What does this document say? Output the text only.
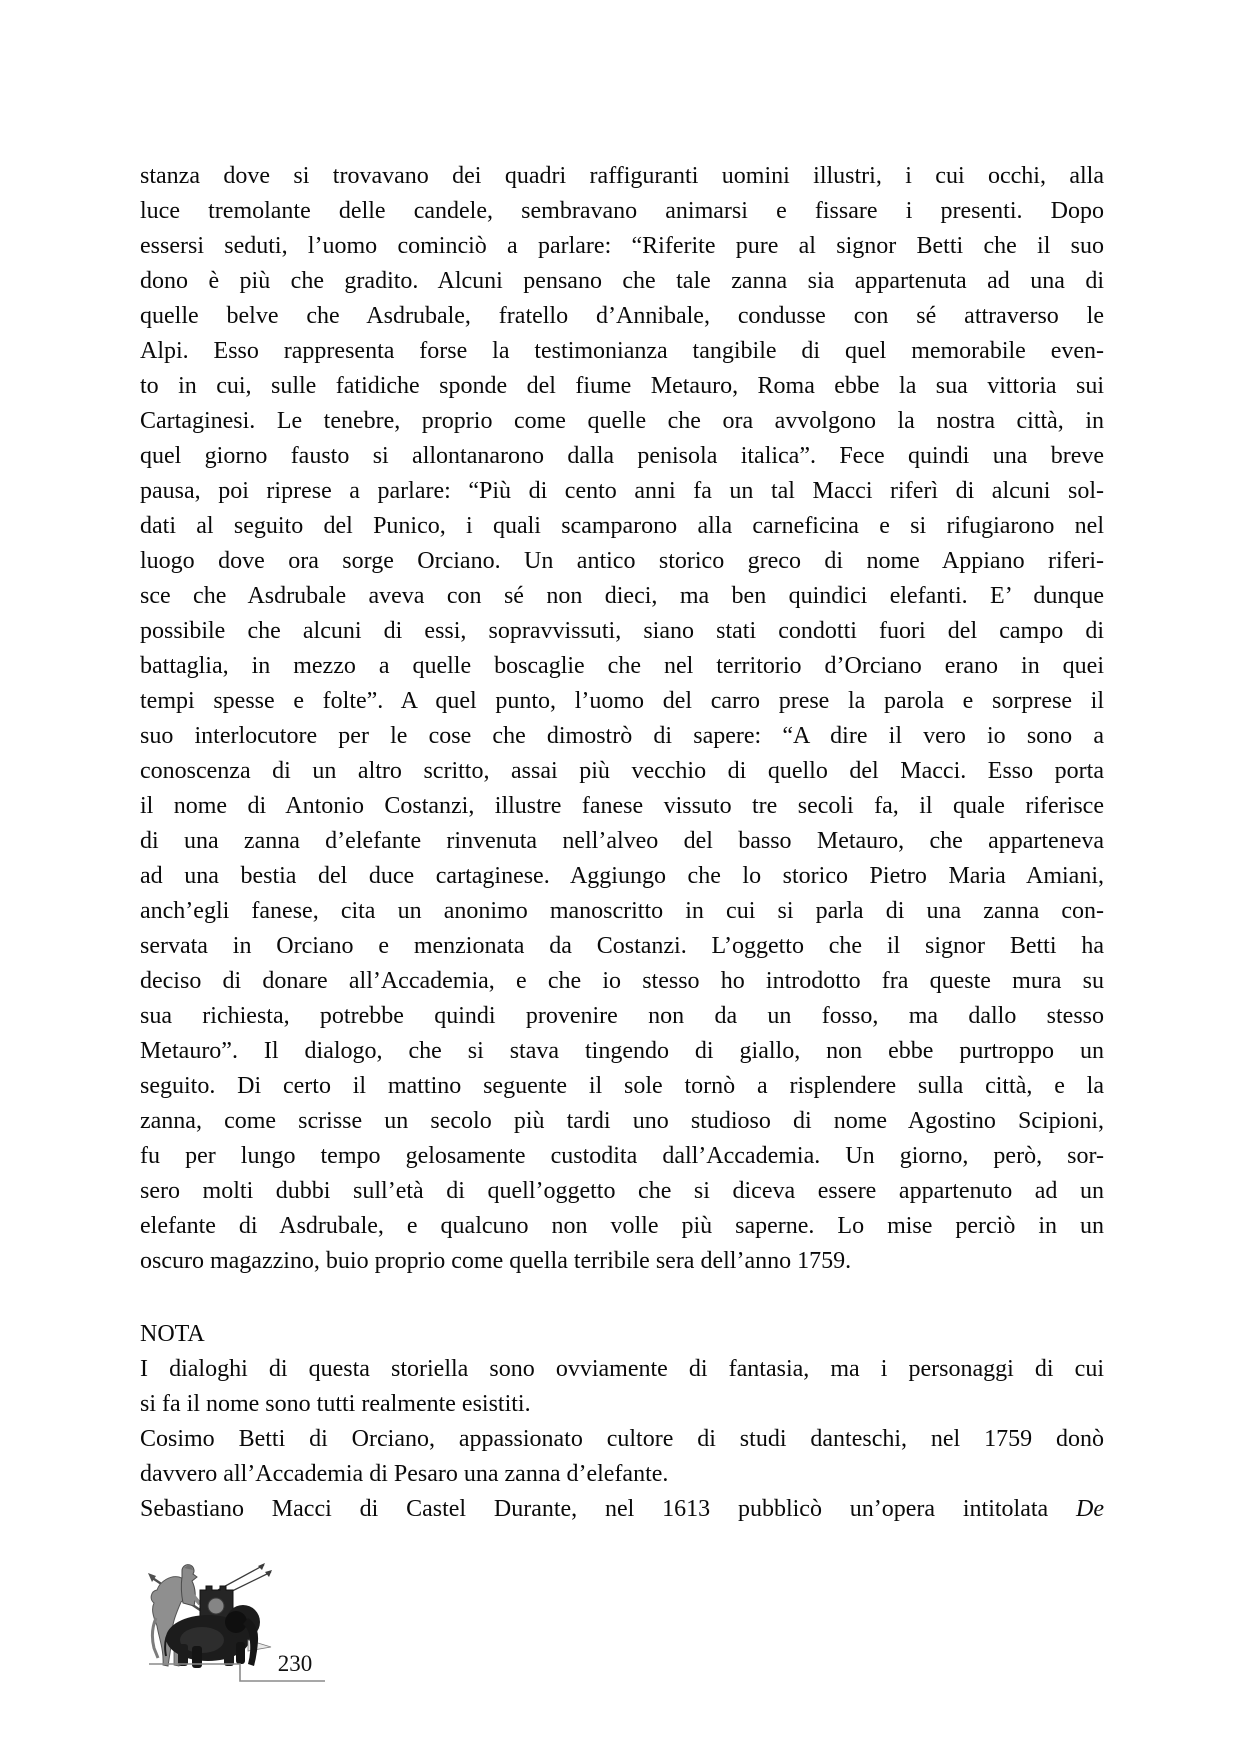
stanza dove si trovavano dei quadri raffiguranti uomini illustri, i cui occhi, alla
luce tremolante delle candele, sembravano animarsi e fissare i presenti. Dopo
essersi seduti, l’uomo cominciò a parlare: “Riferite pure al signor Betti che il suo
dono è più che gradito. Alcuni pensano che tale zanna sia appartenuta ad una di
quelle belve che Asdrubale, fratello d’Annibale, condusse con sé attraverso le
Alpi. Esso rappresenta forse la testimonianza tangibile di quel memorabile even-
to in cui, sulle fatidiche sponde del fiume Metauro, Roma ebbe la sua vittoria sui
Cartaginesi. Le tenebre, proprio come quelle che ora avvolgono la nostra città, in
quel giorno fausto si allontanarono dalla penisola italica”. Fece quindi una breve
pausa, poi riprese a parlare: “Più di cento anni fa un tal Macci riferì di alcuni sol-
dati al seguito del Punico, i quali scamparono alla carneficina e si rifugiarono nel
luogo dove ora sorge Orciano. Un antico storico greco di nome Appiano riferi-
sce che Asdrubale aveva con sé non dieci, ma ben quindici elefanti. E’ dunque
possibile che alcuni di essi, sopravvissuti, siano stati condotti fuori del campo di
battaglia, in mezzo a quelle boscaglie che nel territorio d’Orciano erano in quei
tempi spesse e folte”. A quel punto, l’uomo del carro prese la parola e sorprese il
suo interlocutore per le cose che dimostrò di sapere: “A dire il vero io sono a
conoscenza di un altro scritto, assai più vecchio di quello del Macci. Esso porta
il nome di Antonio Costanzi, illustre fanese vissuto tre secoli fa, il quale riferisce
di una zanna d’elefante rinvenuta nell’alveo del basso Metauro, che apparteneva
ad una bestia del duce cartaginese. Aggiungo che lo storico Pietro Maria Amiani,
anch’egli fanese, cita un anonimo manoscritto in cui si parla di una zanna con-
servata in Orciano e menzionata da Costanzi. L’oggetto che il signor Betti ha
deciso di donare all’Accademia, e che io stesso ho introdotto fra queste mura su
sua richiesta, potrebbe quindi provenire non da un fosso, ma dallo stesso
Metauro”. Il dialogo, che si stava tingendo di giallo, non ebbe purtroppo un
seguito. Di certo il mattino seguente il sole tornò a risplendere sulla città, e la
zanna, come scrisse un secolo più tardi uno studioso di nome Agostino Scipioni,
fu per lungo tempo gelosamente custodita dall’Accademia. Un giorno, però, sor-
sero molti dubbi sull’età di quell’oggetto che si diceva essere appartenuto ad un
elefante di Asdrubale, e qualcuno non volle più saperne. Lo mise perciò in un
oscuro magazzino, buio proprio come quella terribile sera dell’anno 1759.
NOTA
I dialoghi di questa storiella sono ovviamente di fantasia, ma i personaggi di cui
si fa il nome sono tutti realmente esistiti.
Cosimo Betti di Orciano, appassionato cultore di studi danteschi, nel 1759 donò
davvero all’Accademia di Pesaro una zanna d’elefante.
Sebastiano Macci di Castel Durante, nel 1613 pubblicò un’opera intitolata De
230
